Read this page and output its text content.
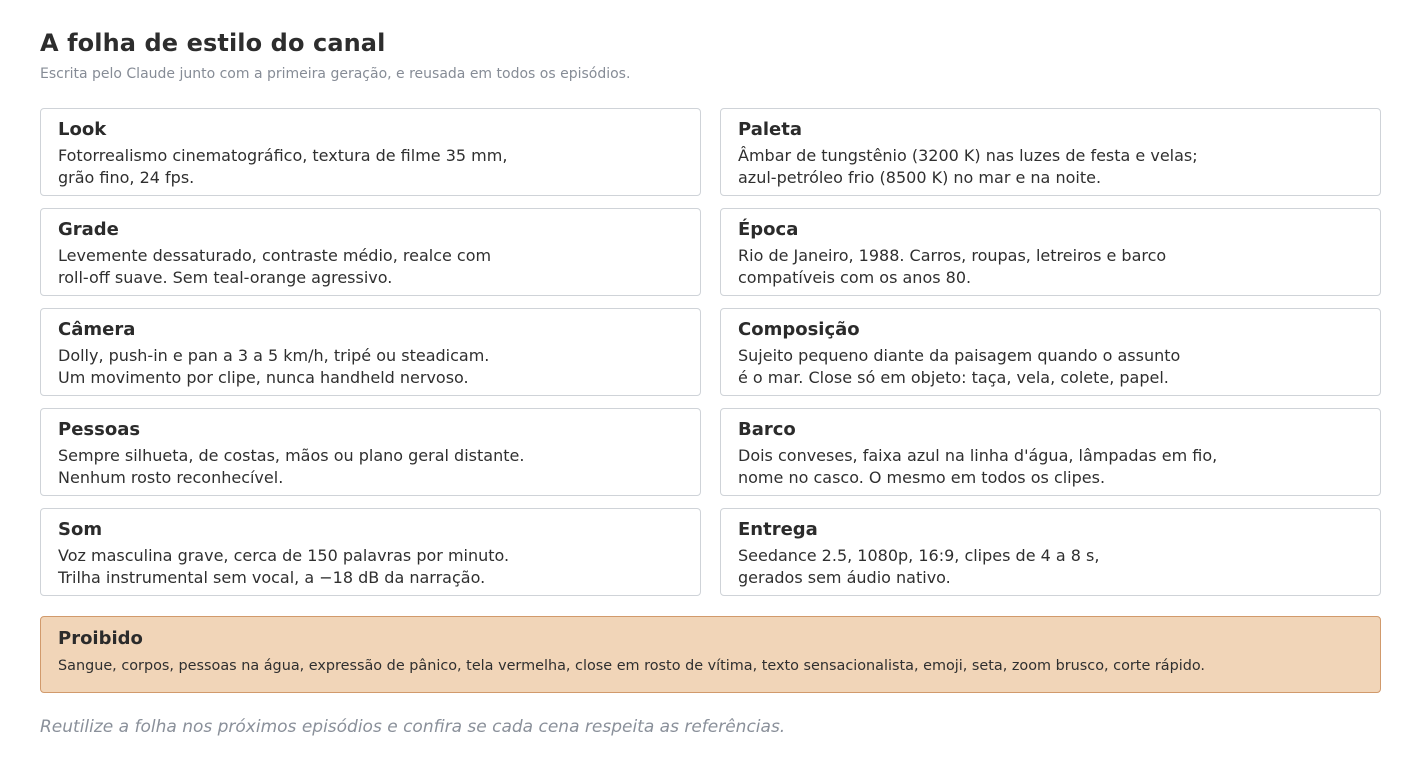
A folha de estilo do canal
Escrita pelo Claude junto com a primeira geração, e reusada em todos os episódios.
Look
Fotorrealismo cinematográfico, textura de filme 35 mm,
grão fino, 24 fps.
Paleta
Âmbar de tungstênio (3200 K) nas luzes de festa e velas;
azul-petróleo frio (8500 K) no mar e na noite.
Grade
Levemente dessaturado, contraste médio, realce com
roll-off suave. Sem teal-orange agressivo.
Época
Rio de Janeiro, 1988. Carros, roupas, letreiros e barco
compatíveis com os anos 80.
Câmera
Dolly, push-in e pan a 3 a 5 km/h, tripé ou steadicam.
Um movimento por clipe, nunca handheld nervoso.
Composição
Sujeito pequeno diante da paisagem quando o assunto
é o mar. Close só em objeto: taça, vela, colete, papel.
Pessoas
Sempre silhueta, de costas, mãos ou plano geral distante.
Nenhum rosto reconhecível.
Barco
Dois conveses, faixa azul na linha d'água, lâmpadas em fio,
nome no casco. O mesmo em todos os clipes.
Som
Voz masculina grave, cerca de 150 palavras por minuto.
Trilha instrumental sem vocal, a −18 dB da narração.
Entrega
Seedance 2.5, 1080p, 16:9, clipes de 4 a 8 s,
gerados sem áudio nativo.
Proibido
Sangue, corpos, pessoas na água, expressão de pânico, tela vermelha, close em rosto de vítima, texto sensacionalista, emoji, seta, zoom brusco, corte rápido.
Reutilize a folha nos próximos episódios e confira se cada cena respeita as referências.
